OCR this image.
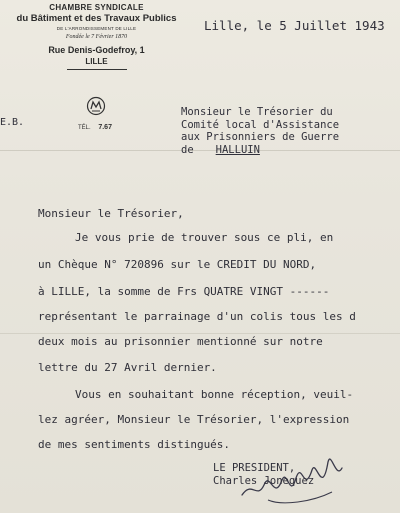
CHAMBRE SYNDICALE
du Bâtiment et des Travaux Publics
DE L'ARRONDISSEMENT DE LILLE
Fondée le 7 Février 1870
Rue Denis-Godefroy, 1
LILLE
TÉL. 7.67
Lille, le 5 Juillet 1943
E.B.
Monsieur le Trésorier du
Comité local d'Assistance
aux Prisonniers de Guerre
de HALLUIN
Monsieur le Trésorier,
Je vous prie de trouver sous ce pli, en
un Chèque N° 720896 sur le CREDIT DU NORD,
à LILLE, la somme de Frs QUATRE VINGT ------
représentant le parrainage d'un colis tous les d
deux mois au prisonnier mentionné sur notre
lettre du 27 Avril dernier.
Vous en souhaitant bonne réception, veuil-
lez agréer, Monsieur le Trésorier, l'expression
de mes sentiments distingués.
LE PRESIDENT,
Charles Jonequez
